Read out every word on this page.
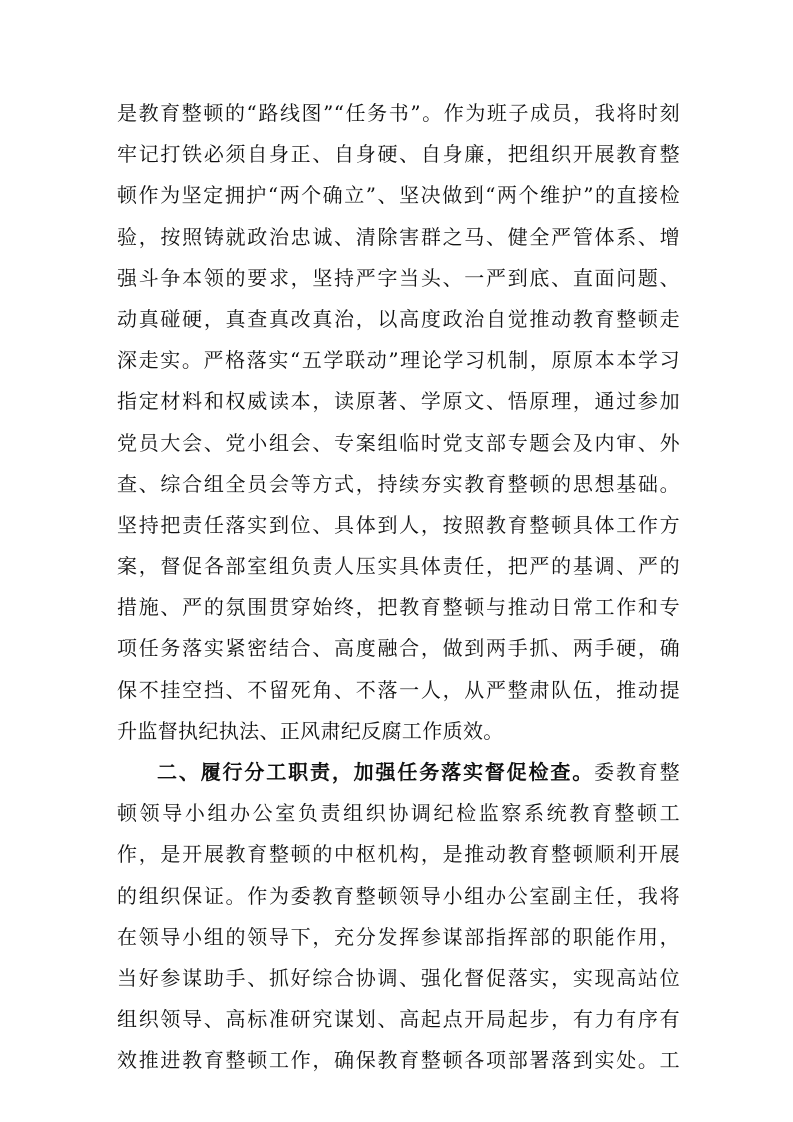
是教育整顿的“路线图”“任务书”。作为班子成员，我将时刻
牢记打铁必须自身正、自身硬、自身廉，把组织开展教育整
顿作为坚定拥护“两个确立”、坚决做到“两个维护”的直接检
验，按照铸就政治忠诚、清除害群之马、健全严管体系、增
强斗争本领的要求，坚持严字当头、一严到底、直面问题、
动真碰硬，真查真改真治，以高度政治自觉推动教育整顿走
深走实。严格落实“五学联动”理论学习机制，原原本本学习
指定材料和权威读本，读原著、学原文、悟原理，通过参加
党员大会、党小组会、专案组临时党支部专题会及内审、外
查、综合组全员会等方式，持续夯实教育整顿的思想基础。
坚持把责任落实到位、具体到人，按照教育整顿具体工作方
案，督促各部室组负责人压实具体责任，把严的基调、严的
措施、严的氛围贯穿始终，把教育整顿与推动日常工作和专
项任务落实紧密结合、高度融合，做到两手抓、两手硬，确
保不挂空挡、不留死角、不落一人，从严整肃队伍，推动提
升监督执纪执法、正风肃纪反腐工作质效。
二、履行分工职责，加强任务落实督促检查。委教育整
顿领导小组办公室负责组织协调纪检监察系统教育整顿工
作，是开展教育整顿的中枢机构，是推动教育整顿顺利开展
的组织保证。作为委教育整顿领导小组办公室副主任，我将
在领导小组的领导下，充分发挥参谋部指挥部的职能作用，
当好参谋助手、抓好综合协调、强化督促落实，实现高站位
组织领导、高标准研究谋划、高起点开局起步，有力有序有
效推进教育整顿工作，确保教育整顿各项部署落到实处。工
